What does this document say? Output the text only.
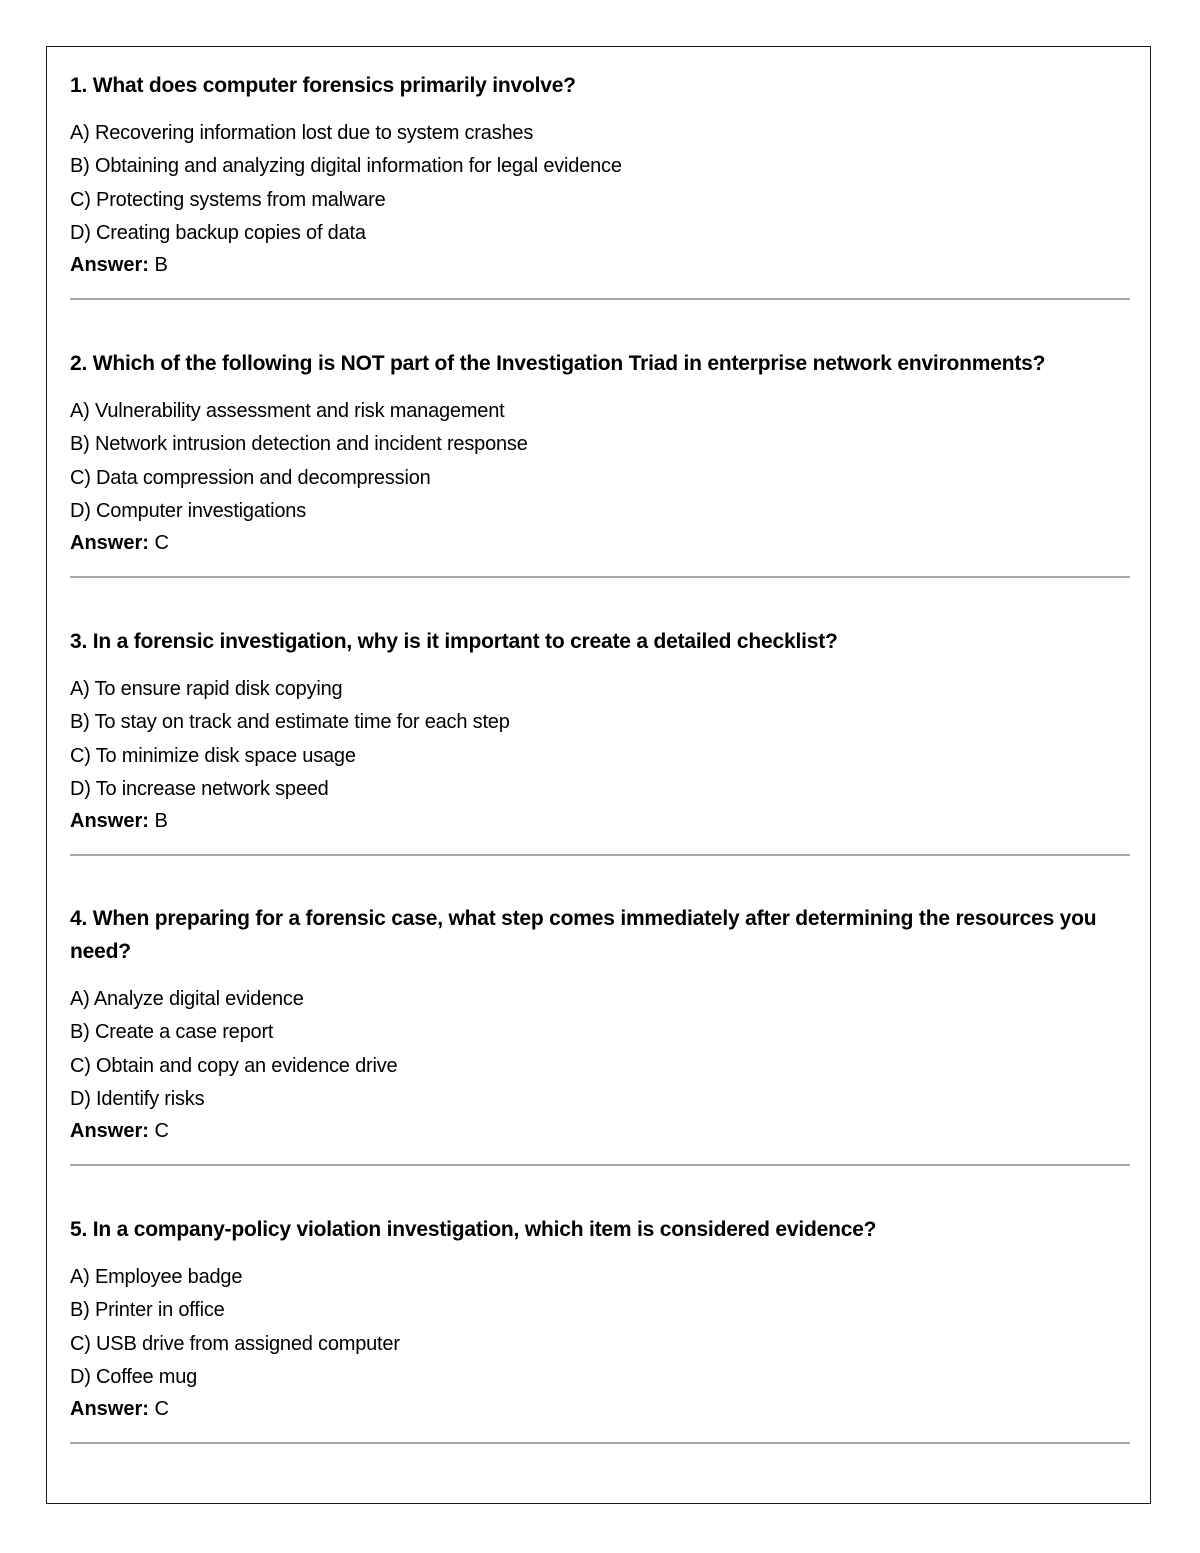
1. What does computer forensics primarily involve?

A) Recovering information lost due to system crashes
B) Obtaining and analyzing digital information for legal evidence
C) Protecting systems from malware
D) Creating backup copies of data
Answer: B

2. Which of the following is NOT part of the Investigation Triad in enterprise network environments?

A) Vulnerability assessment and risk management
B) Network intrusion detection and incident response
C) Data compression and decompression
D) Computer investigations
Answer: C

3. In a forensic investigation, why is it important to create a detailed checklist?

A) To ensure rapid disk copying
B) To stay on track and estimate time for each step
C) To minimize disk space usage
D) To increase network speed
Answer: B

4. When preparing for a forensic case, what step comes immediately after determining the resources you need?

A) Analyze digital evidence
B) Create a case report
C) Obtain and copy an evidence drive
D) Identify risks
Answer: C

5. In a company-policy violation investigation, which item is considered evidence?

A) Employee badge
B) Printer in office
C) USB drive from assigned computer
D) Coffee mug
Answer: C
